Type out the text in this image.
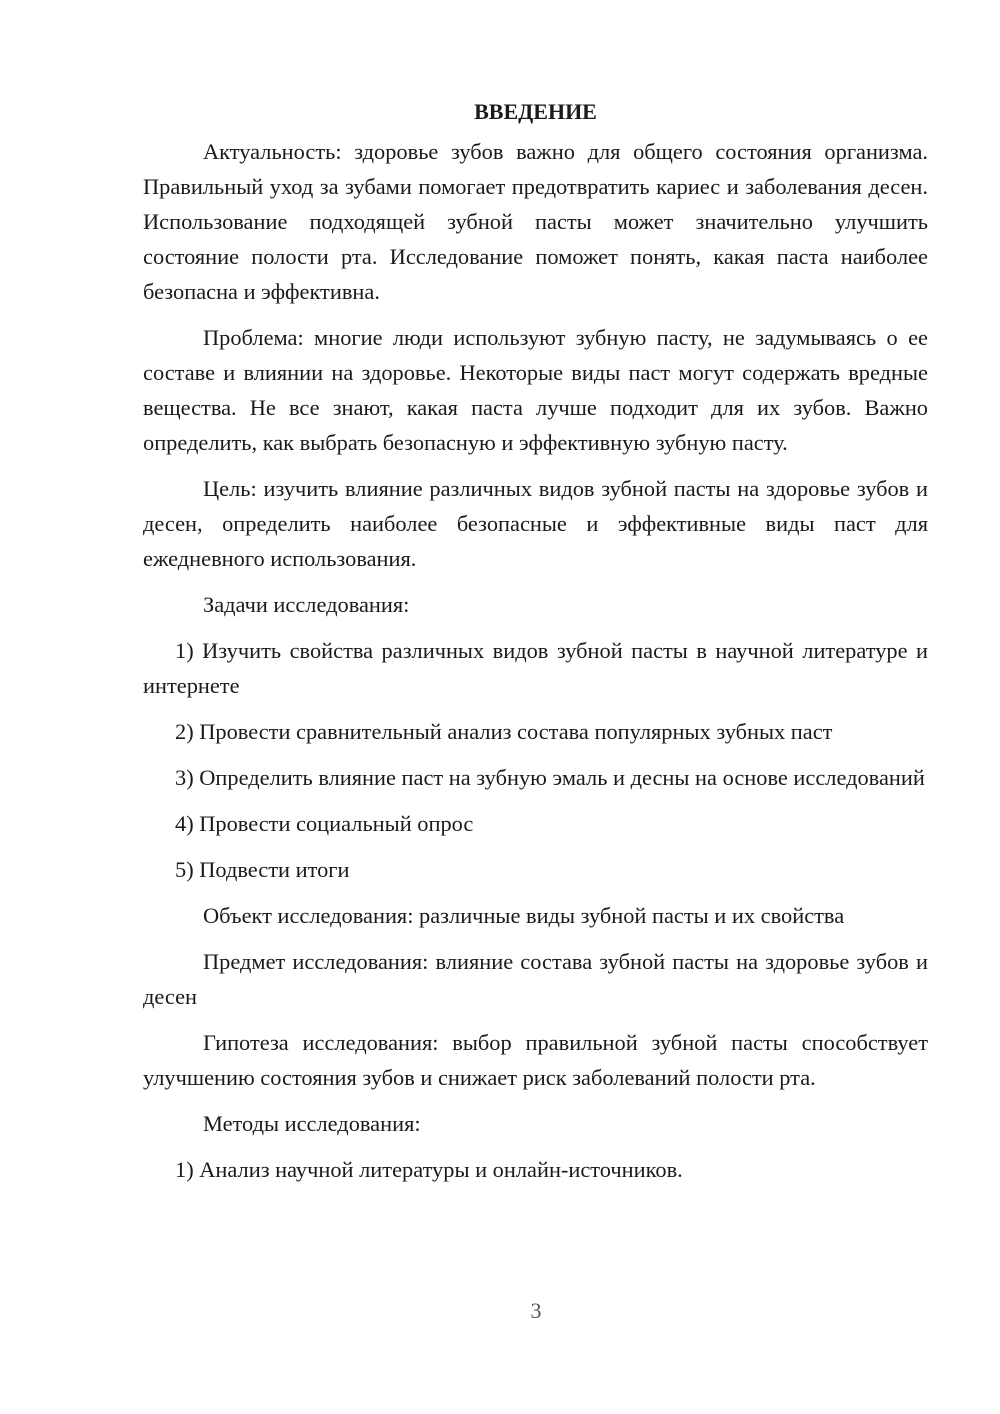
ВВЕДЕНИЕ
Актуальность: здоровье зубов важно для общего состояния организма. Правильный уход за зубами помогает предотвратить кариес и заболевания десен. Использование подходящей зубной пасты может значительно улучшить состояние полости рта. Исследование поможет понять, какая паста наиболее безопасна и эффективна.
Проблема: многие люди используют зубную пасту, не задумываясь о ее составе и влиянии на здоровье. Некоторые виды паст могут содержать вредные вещества. Не все знают, какая паста лучше подходит для их зубов. Важно определить, как выбрать безопасную и эффективную зубную пасту.
Цель: изучить влияние различных видов зубной пасты на здоровье зубов и десен, определить наиболее безопасные и эффективные виды паст для ежедневного использования.
Задачи исследования:
1) Изучить свойства различных видов зубной пасты в научной литературе и интернете
2) Провести сравнительный анализ состава популярных зубных паст
3) Определить влияние паст на зубную эмаль и десны на основе исследований
4) Провести социальный опрос
5) Подвести итоги
Объект исследования: различные виды зубной пасты и их свойства
Предмет исследования: влияние состава зубной пасты на здоровье зубов и десен
Гипотеза исследования: выбор правильной зубной пасты способствует улучшению состояния зубов и снижает риск заболеваний полости рта.
Методы исследования:
1) Анализ научной литературы и онлайн-источников.
3
